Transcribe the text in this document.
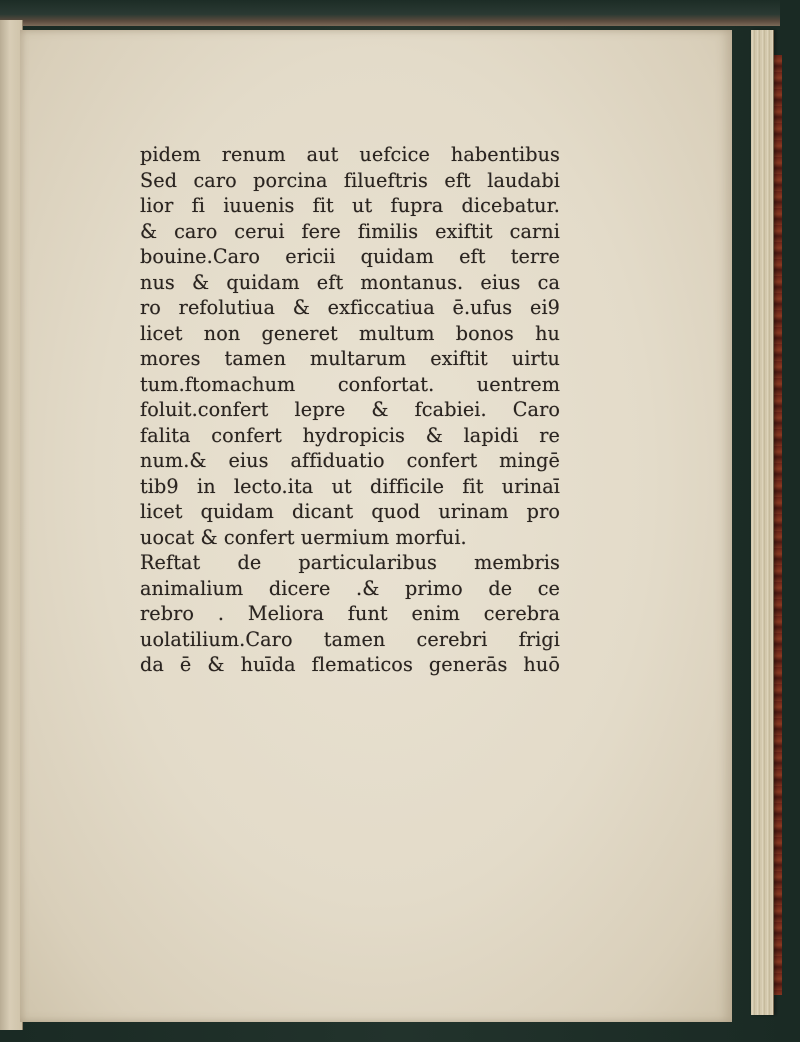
pidem renum aut uefcice habentibus
Sed caro porcina filueftris eft laudabi
lior fi iuuenis fit ut fupra dicebatur.
& caro cerui fere fimilis exiftit carni
bouine.Caro ericii quidam eft terre
nus & quidam eft montanus. eius ca
ro refolutiua & exficcatiua ē.ufus ei9
licet non generet multum bonos hu
mores tamen multarum exiftit uirtu
tum.ftomachum confortat. uentrem
foluit.confert lepre & fcabiei. Caro
falita confert hydropicis & lapidi re
num.& eius affiduatio confert mingē
tib9 in lecto.ita ut difficile fit urinaī
licet quidam dicant quod urinam pro
uocat & confert uermium morfui.
Reftat de particularibus membris
animalium dicere .& primo de ce
rebro . Meliora funt enim cerebra
uolatilium.Caro tamen cerebri frigi
da ē & huīda flematicos generās huō
